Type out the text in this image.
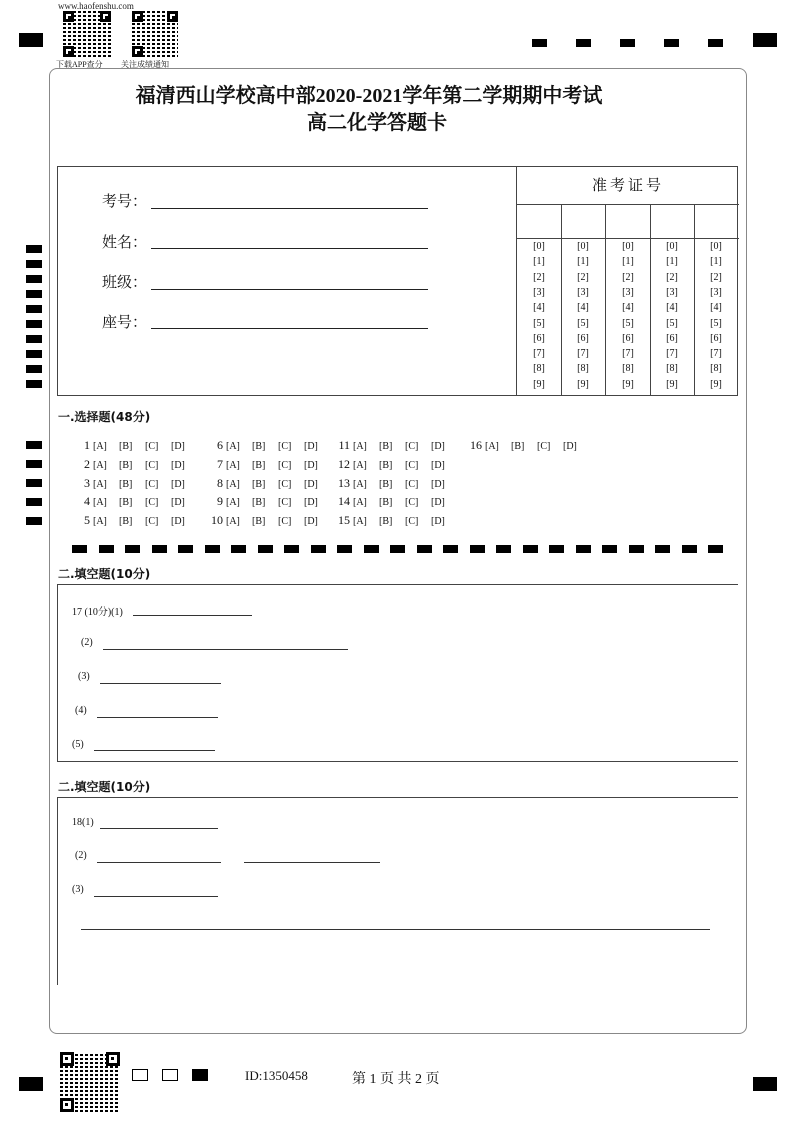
www.haofenshu.com
下载APP查分 关注成绩通知
福清西山学校高中部2020-2021学年第二学期期中考试
高二化学答题卡
考号：
姓名：
班级：
座号：
准考证号
[0]
[1]
[2]
[3]
[4]
[5]
[6]
[7]
[8]
[9]
[0]
[1]
[2]
[3]
[4]
[5]
[6]
[7]
[8]
[9]
[0]
[1]
[2]
[3]
[4]
[5]
[6]
[7]
[8]
[9]
[0]
[1]
[2]
[3]
[4]
[5]
[6]
[7]
[8]
[9]
[0]
[1]
[2]
[3]
[4]
[5]
[6]
[7]
[8]
[9]
一.选择题(48分)
1 [A] [B] [C] [D]
2 [A] [B] [C] [D]
3 [A] [B] [C] [D]
4 [A] [B] [C] [D]
5 [A] [B] [C] [D]
6 [A] [B] [C] [D]
7 [A] [B] [C] [D]
8 [A] [B] [C] [D]
9 [A] [B] [C] [D]
10 [A] [B] [C] [D]
11 [A] [B] [C] [D]
12 [A] [B] [C] [D]
13 [A] [B] [C] [D]
14 [A] [B] [C] [D]
15 [A] [B] [C] [D]
16 [A] [B] [C] [D]
二.填空题(10分)
17 (10分)(1)
(2)
(3)
(4)
(5)
二.填空题(10分)
18(1)
(2)
(3)
ID:1350458	第 1 页 共 2 页
